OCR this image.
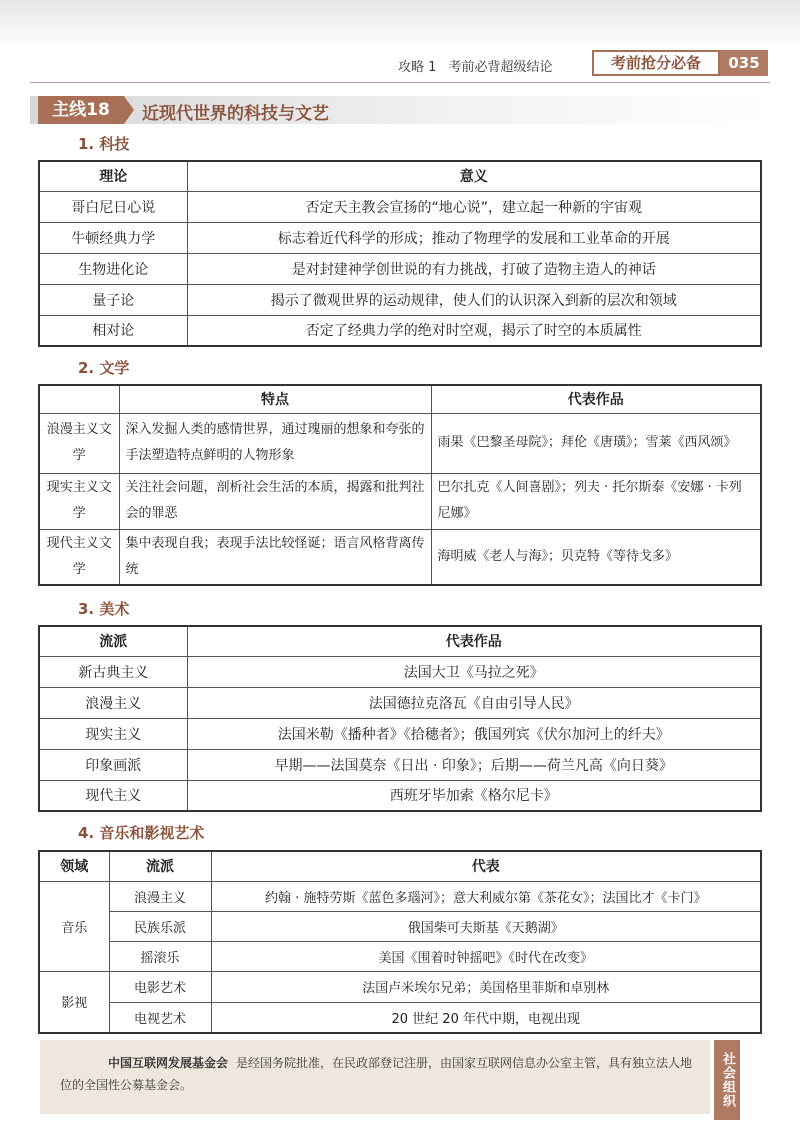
攻略 1 考前必背超级结论	考前抢分必备	035
主线18	近现代世界的科技与文艺
1. 科技
理论	意义
哥白尼日心说	否定天主教会宣扬的“地心说”，建立起一种新的宇宙观
牛顿经典力学	标志着近代科学的形成；推动了物理学的发展和工业革命的开展
生物进化论	是对封建神学创世说的有力挑战，打破了造物主造人的神话
量子论	揭示了微观世界的运动规律，使人们的认识深入到新的层次和领域
相对论	否定了经典力学的绝对时空观，揭示了时空的本质属性
2. 文学
	特点	代表作品
浪漫主义文学	深入发掘人类的感情世界，通过瑰丽的想象和夸张的手法塑造特点鲜明的人物形象	雨果《巴黎圣母院》；拜伦《唐璜》；雪莱《西风颂》
现实主义文学	关注社会问题，剖析社会生活的本质，揭露和批判社会的罪恶	巴尔扎克《人间喜剧》；列夫 · 托尔斯泰《安娜 · 卡列尼娜》
现代主义文学	集中表现自我；表现手法比较怪诞；语言风格背离传统	海明威《老人与海》；贝克特《等待戈多》
3. 美术
流派	代表作品
新古典主义	法国大卫《马拉之死》
浪漫主义	法国德拉克洛瓦《自由引导人民》
现实主义	法国米勒《播种者》《拾穗者》；俄国列宾《伏尔加河上的纤夫》
印象画派	早期——法国莫奈《日出 · 印象》；后期——荷兰凡高《向日葵》
现代主义	西班牙毕加索《格尔尼卡》
4. 音乐和影视艺术
领域	流派	代表
音乐	浪漫主义	约翰 · 施特劳斯《蓝色多瑙河》；意大利威尔第《茶花女》；法国比才《卡门》
	民族乐派	俄国柴可夫斯基《天鹅湖》
	摇滚乐	美国《围着时钟摇吧》《时代在改变》
影视	电影艺术	法国卢米埃尔兄弟；美国格里菲斯和卓别林
	电视艺术	20 世纪 20 年代中期，电视出现
中国互联网发展基金会 是经国务院批准，在民政部登记注册，由国家互联网信息办公室主管，具有独立法人地位的全国性公募基金会。	社会组织
